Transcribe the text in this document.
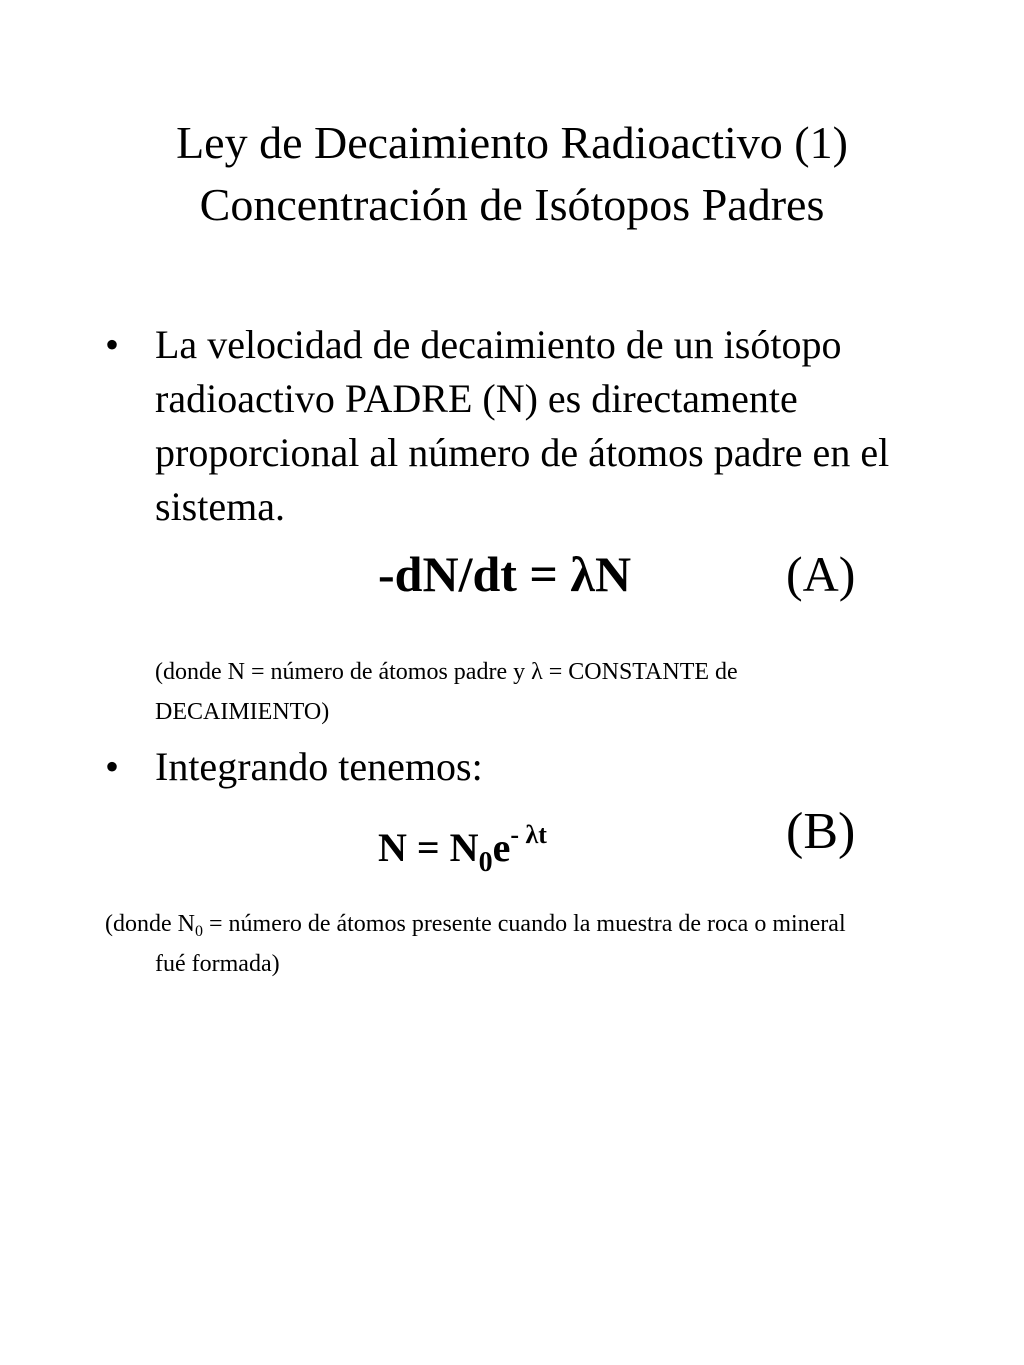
Ley de Decaimiento Radioactivo (1)
Concentración de Isótopos Padres
• La velocidad de decaimiento de un isótopo radioactivo PADRE (N) es directamente proporcional al número de átomos padre en el sistema.
-dN/dt = λN	(A)
(donde N = número de átomos padre y λ = CONSTANTE de DECAIMIENTO)
• Integrando tenemos:
$N = N_0e^{- \lambda t}$	(B)
(donde $N_0$ = número de átomos presente cuando la muestra de roca o mineral
fué formada)
